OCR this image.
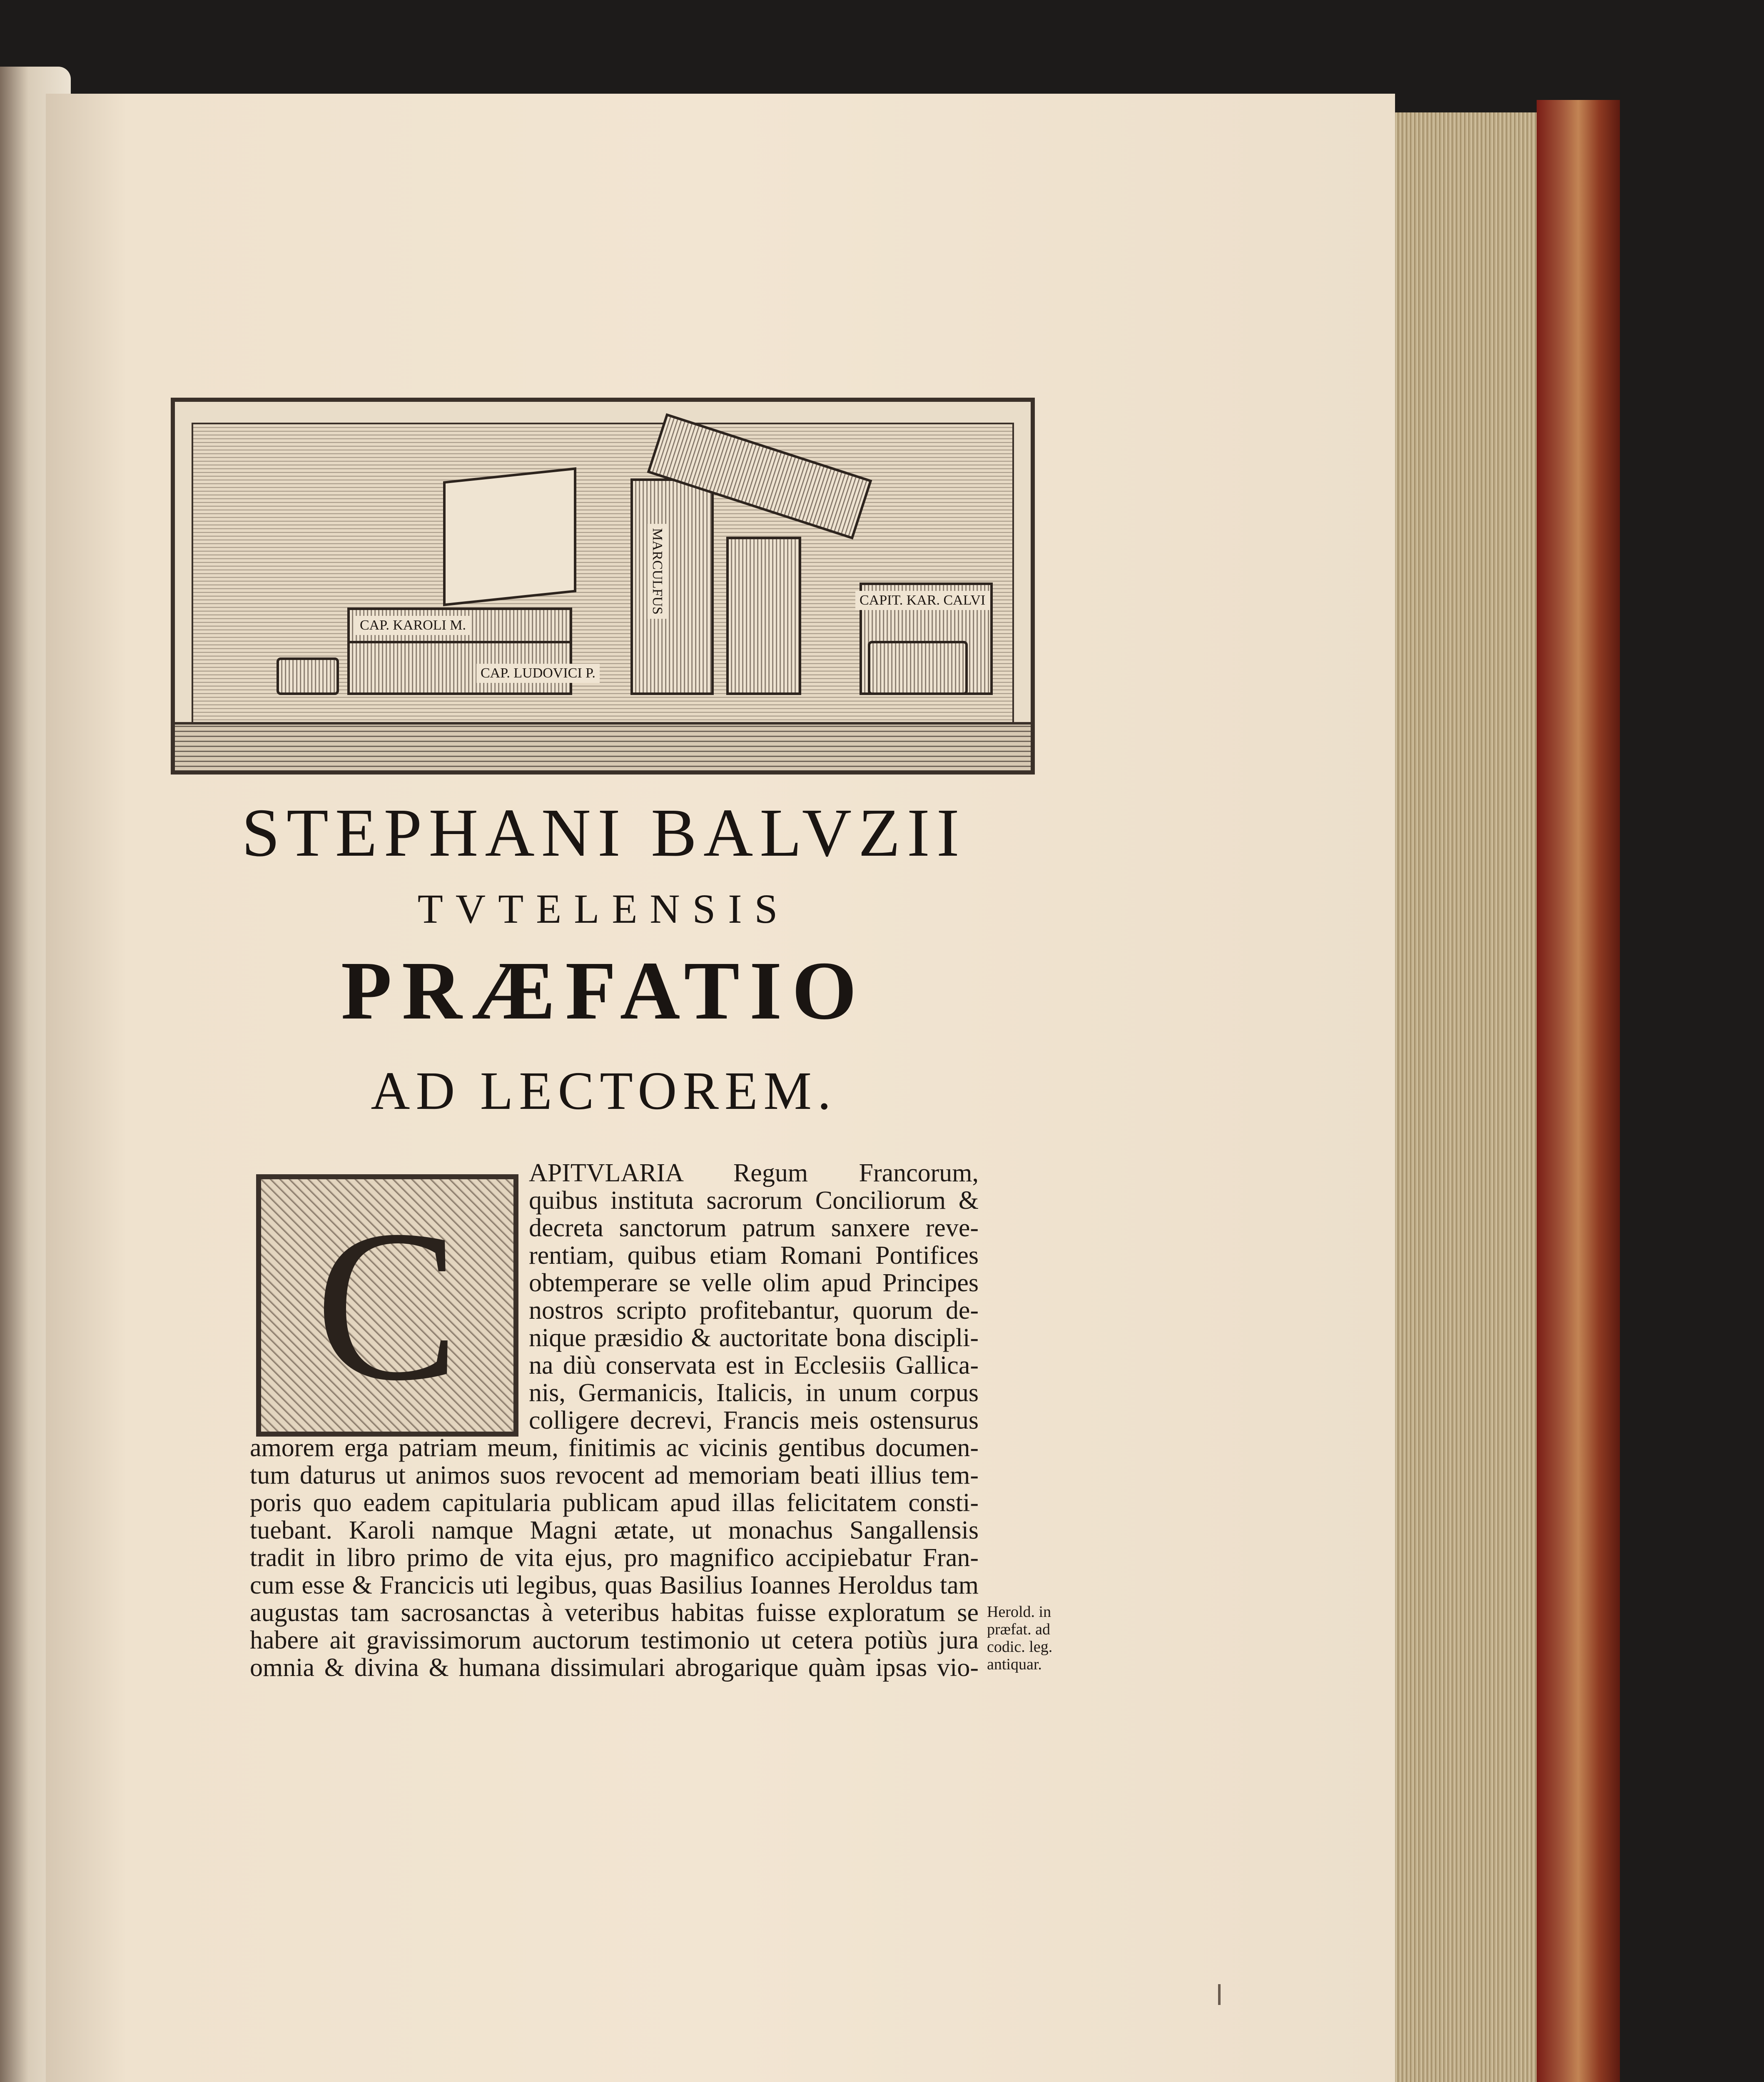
CAP. KAROLI M.
CAP. LUDOVICI P.
MARCULFUS	CAPIT. KAR. CALVI
STEPHANI BALVZII
TVTELENSIS
PRÆFATIO
AD LECTOREM.
C
APITVLARIA Regum Francorum,
quibus instituta sacrorum Conciliorum &
decreta sanctorum patrum sanxere reve-
rentiam, quibus etiam Romani Pontifices
obtemperare se velle olim apud Principes
nostros scripto profitebantur, quorum de-
nique præsidio & auctoritate bona discipli-
na diù conservata est in Ecclesiis Gallica-
nis, Germanicis, Italicis, in unum corpus
colligere decrevi, Francis meis ostensurus
amorem erga patriam meum, finitimis ac vicinis gentibus documen-
tum daturus ut animos suos revocent ad memoriam beati illius tem-
poris quo eadem capitularia publicam apud illas felicitatem consti-
tuebant. Karoli namque Magni ætate, ut monachus Sangallensis
tradit in libro primo de vita ejus, pro magnifico accipiebatur Fran-
cum esse & Francicis uti legibus, quas Basilius Ioannes Heroldus tam
augustas tam sacrosanctas à veteribus habitas fuisse exploratum se
habere ait gravissimorum auctorum testimonio ut cetera potiùs jura
omnia & divina & humana dissimulari abrogarique quàm ipsas vio-
Herold. in
præfat. ad
codic. leg.
antiquar.
